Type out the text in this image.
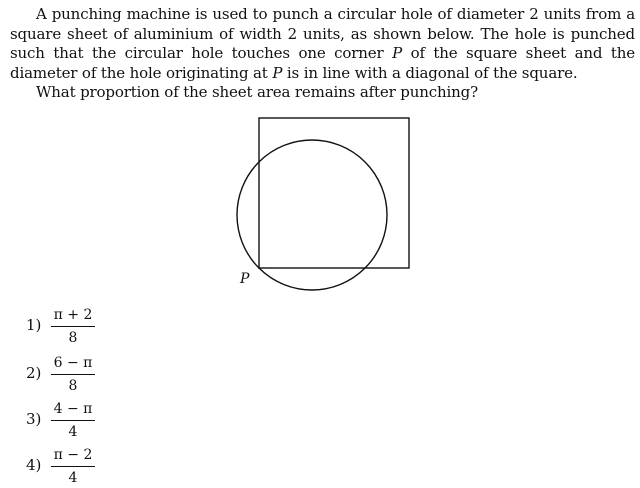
A punching machine is used to punch a circular hole of diameter 2 units from a square sheet of aluminium of width 2 units, as shown below. The hole is punched such that the circular hole touches one corner P of the square sheet and the diameter of the hole originating at P is in line with a diagonal of the square.

What proportion of the sheet area remains after punching?

P
1)
π + 2
8
2)
6 − π
8
3)
4 − π
4
4)
π − 2
4
